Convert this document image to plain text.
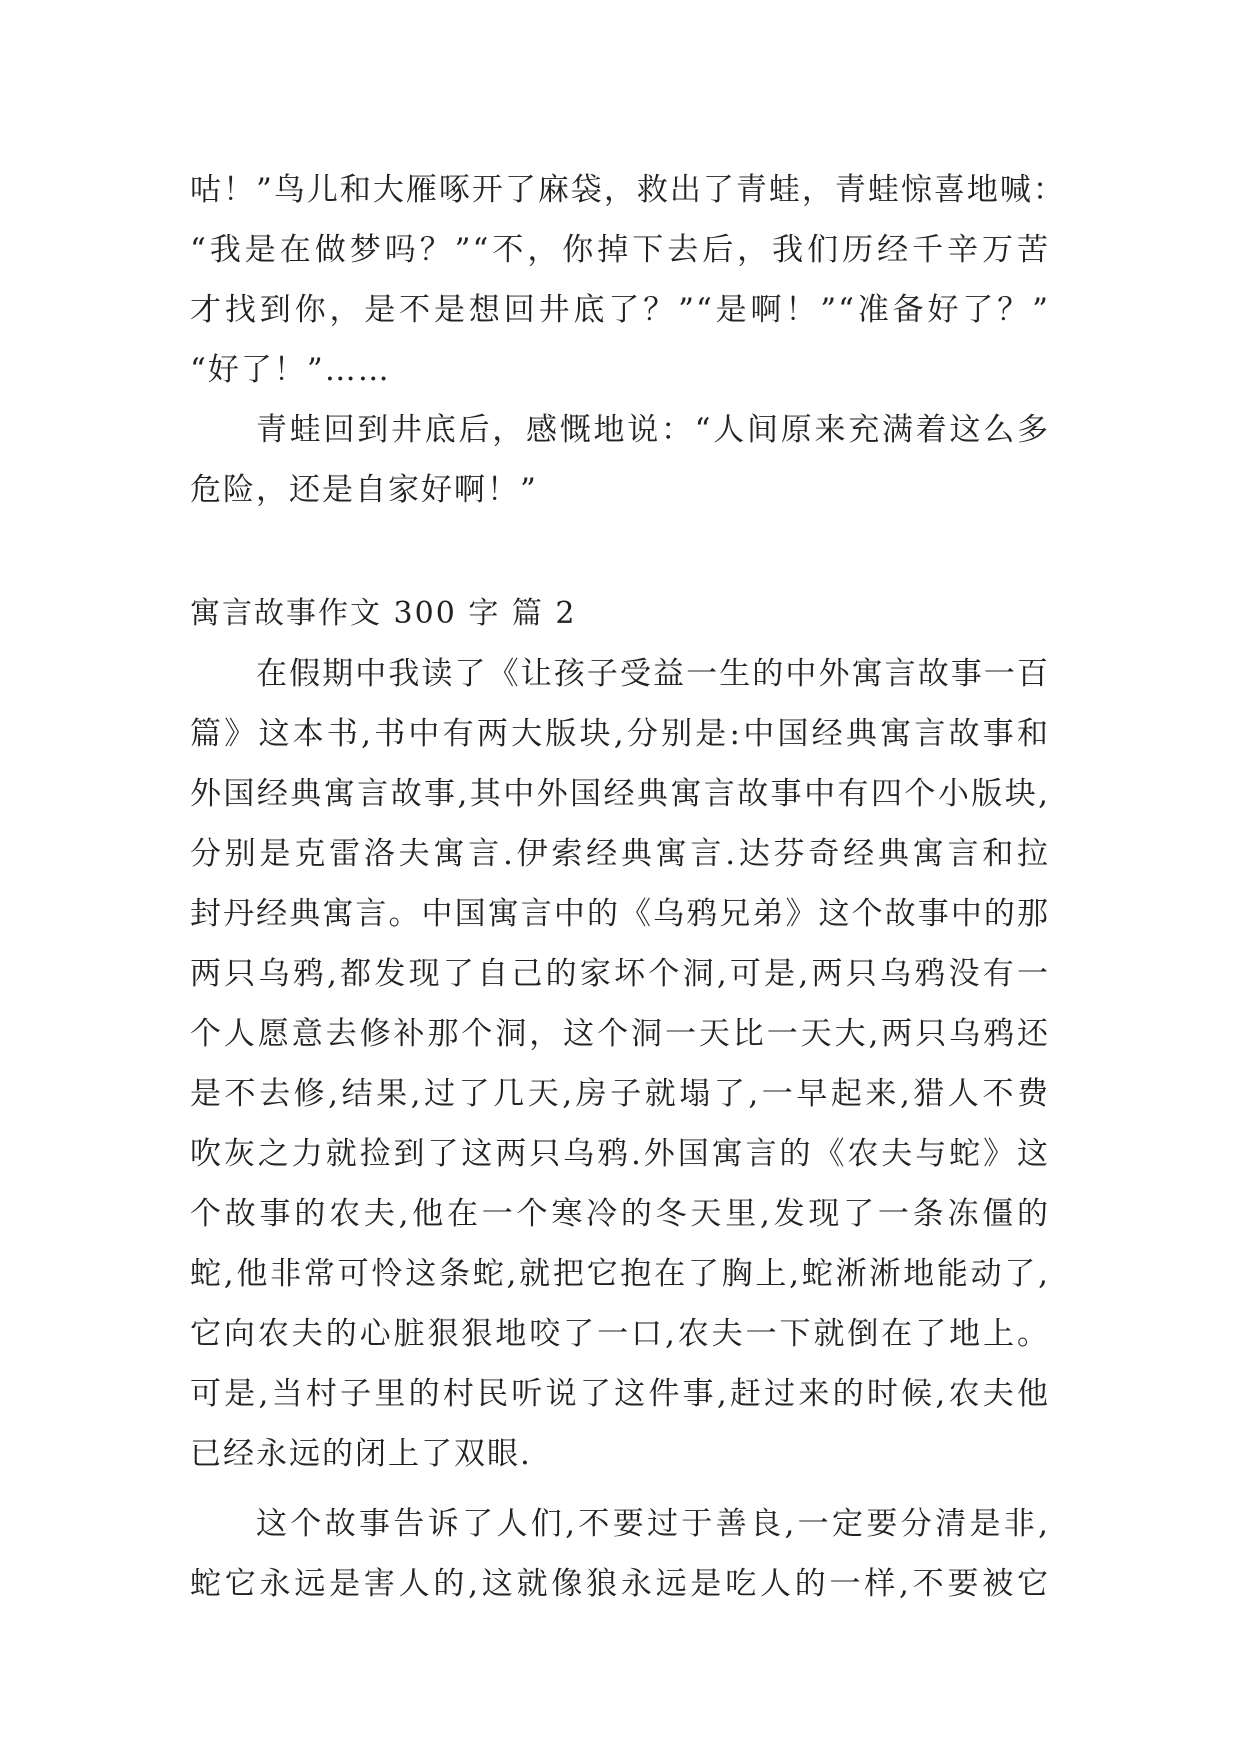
咕！”鸟儿和大雁啄开了麻袋，救出了青蛙，青蛙惊喜地喊：
“我是在做梦吗？”“不，你掉下去后，我们历经千辛万苦
才找到你，是不是想回井底了？”“是啊！”“准备好了？”
“好了！”……
青蛙回到井底后，感慨地说：“人间原来充满着这么多
危险，还是自家好啊！”
寓言故事作文 300 字 篇 2
在假期中我读了《让孩子受益一生的中外寓言故事一百
篇》这本书,书中有两大版块,分别是:中国经典寓言故事和
外国经典寓言故事,其中外国经典寓言故事中有四个小版块,
分别是克雷洛夫寓言.伊索经典寓言.达芬奇经典寓言和拉
封丹经典寓言。中国寓言中的《乌鸦兄弟》这个故事中的那
两只乌鸦,都发现了自己的家坏个洞,可是,两只乌鸦没有一
个人愿意去修补那个洞，这个洞一天比一天大,两只乌鸦还
是不去修,结果,过了几天,房子就塌了,一早起来,猎人不费
吹灰之力就捡到了这两只乌鸦.外国寓言的《农夫与蛇》这
个故事的农夫,他在一个寒冷的冬天里,发现了一条冻僵的
蛇,他非常可怜这条蛇,就把它抱在了胸上,蛇淅淅地能动了,
它向农夫的心脏狠狠地咬了一口,农夫一下就倒在了地上。
可是,当村子里的村民听说了这件事,赶过来的时候,农夫他
已经永远的闭上了双眼.
这个故事告诉了人们,不要过于善良,一定要分清是非,
蛇它永远是害人的,这就像狼永远是吃人的一样,不要被它
